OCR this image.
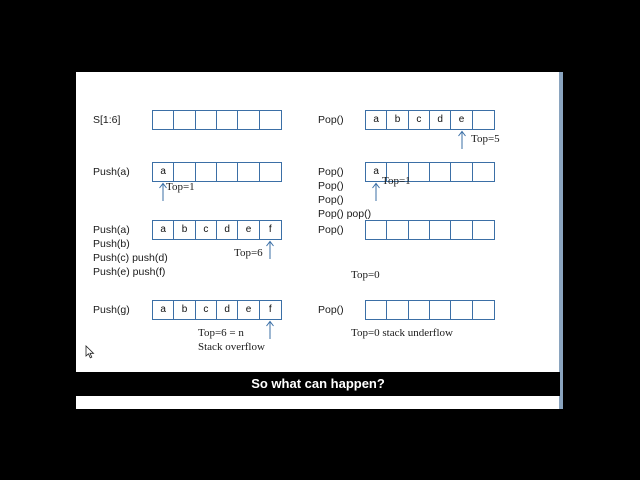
S[1:6]	Pop()	a	b	c	d	e
Top=5
Push(a)	a
Top=1
Pop()
Pop()
Pop()
Pop() pop()
a
Top=1
Push(a)
Push(b)
Push(c) push(d)
Push(e) push(f)
a	b	c	d	e	f
Top=6
Pop()
Top=0
Push(g)	a	b	c	d	e	f
Top=6 = n
Stack overflow
Pop()
Top=0 stack underflow
So what can happen?
